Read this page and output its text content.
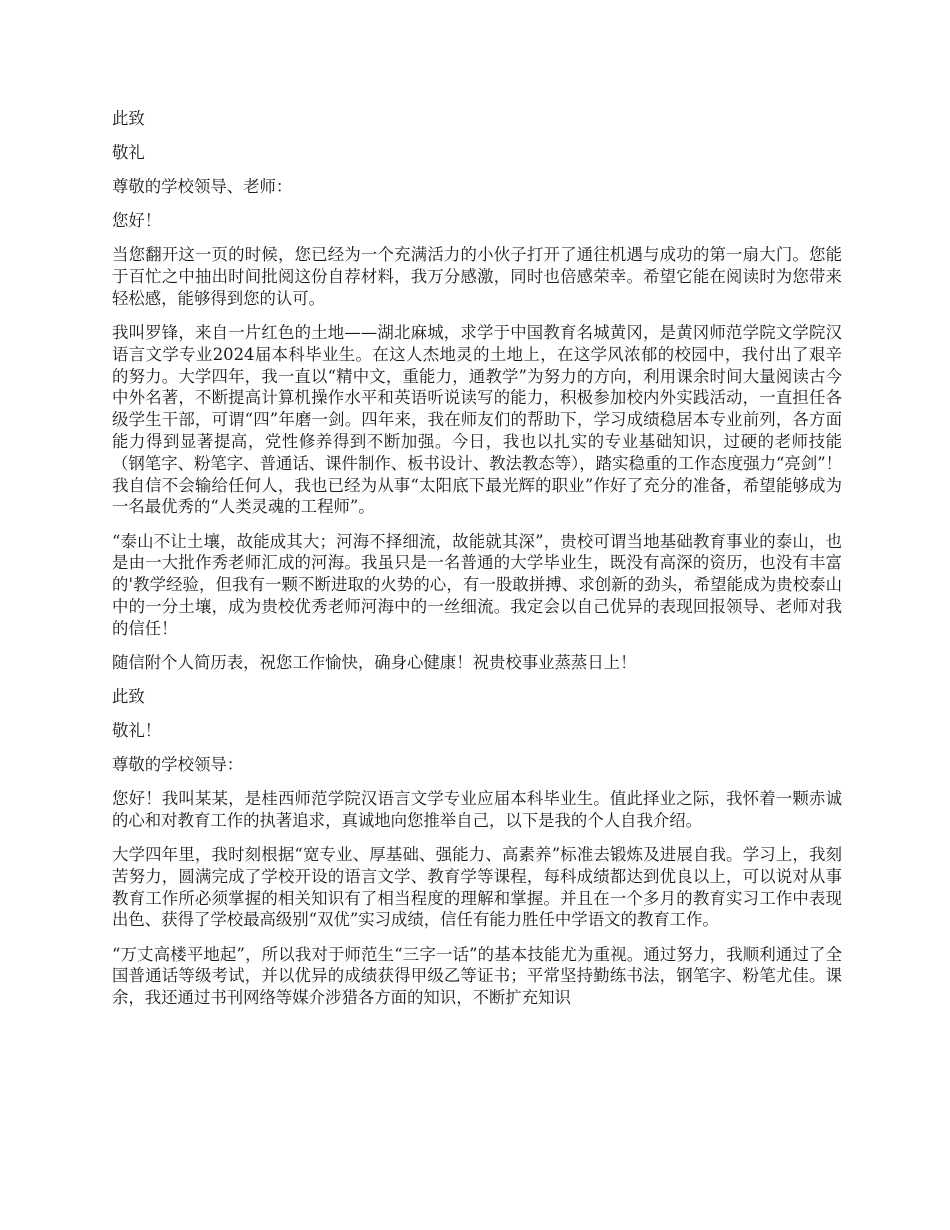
此致

敬礼

尊敬的学校领导、老师：

您好！

当您翻开这一页的时候，您已经为一个充满活力的小伙子打开了通往机遇与成功的第一扇大门。您能于百忙之中抽出时间批阅这份自荐材料，我万分感激，同时也倍感荣幸。希望它能在阅读时为您带来轻松感，能够得到您的认可。

我叫罗锋，来自一片红色的土地——湖北麻城，求学于中国教育名城黄冈，是黄冈师范学院文学院汉语言文学专业2024届本科毕业生。在这人杰地灵的土地上，在这学风浓郁的校园中，我付出了艰辛的努力。大学四年，我一直以“精中文，重能力，通教学”为努力的方向，利用课余时间大量阅读古今中外名著，不断提高计算机操作水平和英语听说读写的能力，积极参加校内外实践活动，一直担任各级学生干部，可谓“四”年磨一剑。四年来，我在师友们的帮助下，学习成绩稳居本专业前列，各方面能力得到显著提高，党性修养得到不断加强。今日，我也以扎实的专业基础知识，过硬的老师技能（钢笔字、粉笔字、普通话、课件制作、板书设计、教法教态等），踏实稳重的工作态度强力“亮剑”！我自信不会输给任何人，我也已经为从事“太阳底下最光辉的职业”作好了充分的准备，希望能够成为一名最优秀的“人类灵魂的工程师”。

“泰山不让土壤，故能成其大；河海不择细流，故能就其深”，贵校可谓当地基础教育事业的泰山，也是由一大批作秀老师汇成的河海。我虽只是一名普通的大学毕业生，既没有高深的资历，也没有丰富的'教学经验，但我有一颗不断进取的火势的心，有一股敢拼搏、求创新的劲头，希望能成为贵校泰山中的一分土壤，成为贵校优秀老师河海中的一丝细流。我定会以自己优异的表现回报领导、老师对我的信任！

随信附个人简历表，祝您工作愉快，确身心健康！祝贵校事业蒸蒸日上！

此致

敬礼！

尊敬的学校领导：

您好！我叫某某，是桂西师范学院汉语言文学专业应届本科毕业生。值此择业之际，我怀着一颗赤诚的心和对教育工作的执著追求，真诚地向您推举自己，以下是我的个人自我介绍。

大学四年里，我时刻根据“宽专业、厚基础、强能力、高素养”标准去锻炼及进展自我。学习上，我刻苦努力，圆满完成了学校开设的语言文学、教育学等课程，每科成绩都达到优良以上，可以说对从事教育工作所必须掌握的相关知识有了相当程度的理解和掌握。并且在一个多月的教育实习工作中表现出色、获得了学校最高级别“双优”实习成绩，信任有能力胜任中学语文的教育工作。

“万丈高楼平地起”，所以我对于师范生“三字一话”的基本技能尤为重视。通过努力，我顺利通过了全国普通话等级考试，并以优异的成绩获得甲级乙等证书；平常坚持勤练书法，钢笔字、粉笔尤佳。课余，我还通过书刊网络等媒介涉猎各方面的知识，不断扩充知识
